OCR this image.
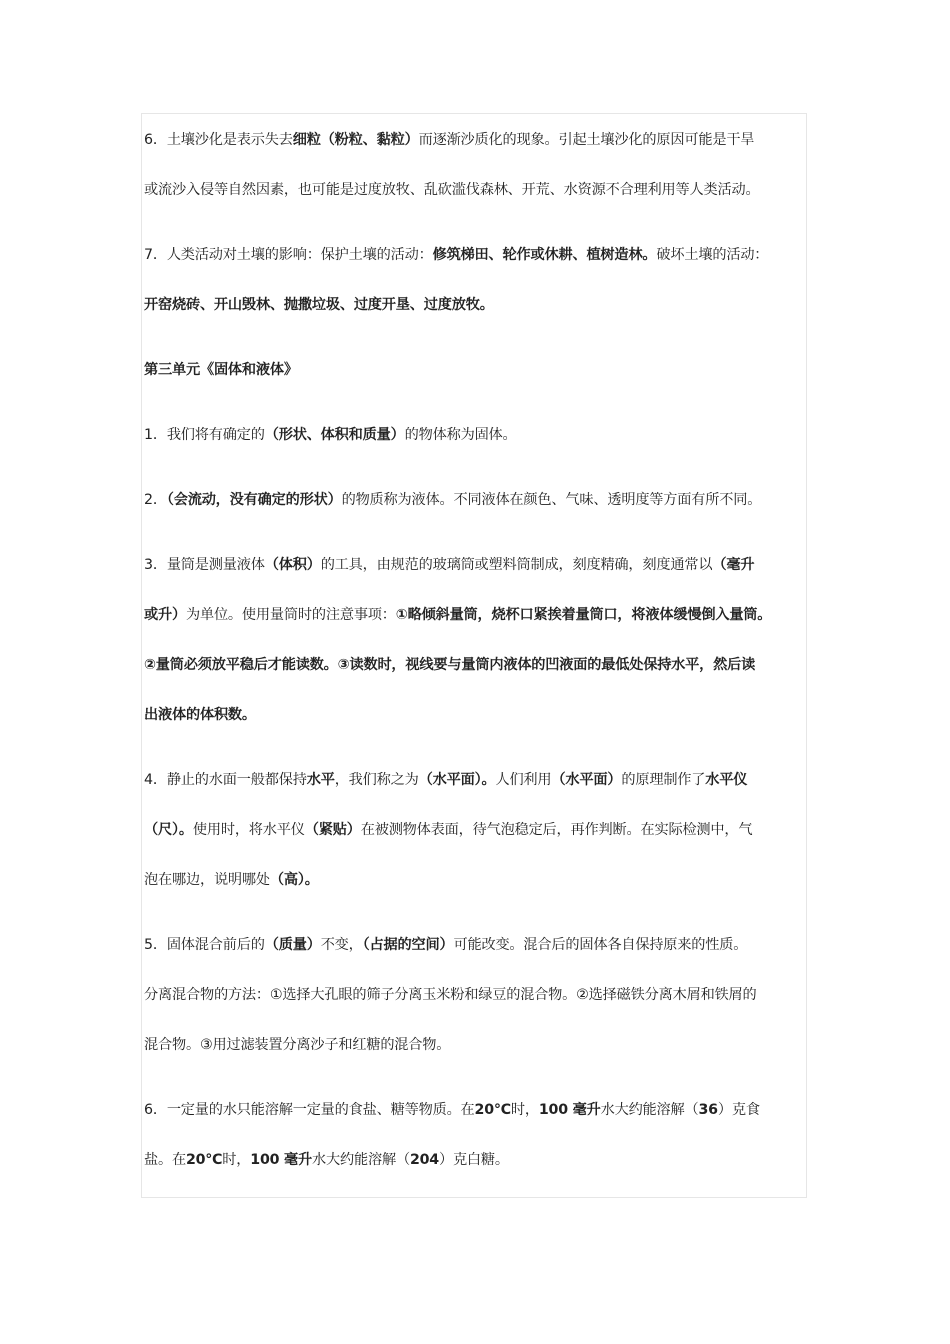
6．土壤沙化是表示失去细粒（粉粒、黏粒）而逐渐沙质化的现象。引起土壤沙化的原因可能是干旱
或流沙入侵等自然因素，也可能是过度放牧、乱砍滥伐森林、开荒、水资源不合理利用等人类活动。
7．人类活动对土壤的影响：保护土壤的活动：修筑梯田、轮作或休耕、植树造林。破坏土壤的活动：
开窑烧砖、开山毁林、抛撒垃圾、过度开垦、过度放牧。
第三单元《固体和液体》
1．我们将有确定的（形状、体积和质量）的物体称为固体。
2．（会流动，没有确定的形状）的物质称为液体。不同液体在颜色、气味、透明度等方面有所不同。
3．量筒是测量液体（体积）的工具，由规范的玻璃筒或塑料筒制成，刻度精确，刻度通常以（毫升
或升）为单位。使用量筒时的注意事项：①略倾斜量筒，烧杯口紧挨着量筒口，将液体缓慢倒入量筒。
②量筒必须放平稳后才能读数。③读数时，视线要与量筒内液体的凹液面的最低处保持水平，然后读
出液体的体积数。
4．静止的水面一般都保持水平，我们称之为（水平面）。人们利用（水平面）的原理制作了水平仪
（尺）。使用时，将水平仪（紧贴）在被测物体表面，待气泡稳定后，再作判断。在实际检测中，气
泡在哪边，说明哪处（高）。
5．固体混合前后的（质量）不变，（占据的空间）可能改变。混合后的固体各自保持原来的性质。
分离混合物的方法：①选择大孔眼的筛子分离玉米粉和绿豆的混合物。②选择磁铁分离木屑和铁屑的
混合物。③用过滤装置分离沙子和红糖的混合物。
6．一定量的水只能溶解一定量的食盐、糖等物质。在20℃时，100 毫升水大约能溶解（36）克食
盐。在20℃时，100 毫升水大约能溶解（204）克白糖。
